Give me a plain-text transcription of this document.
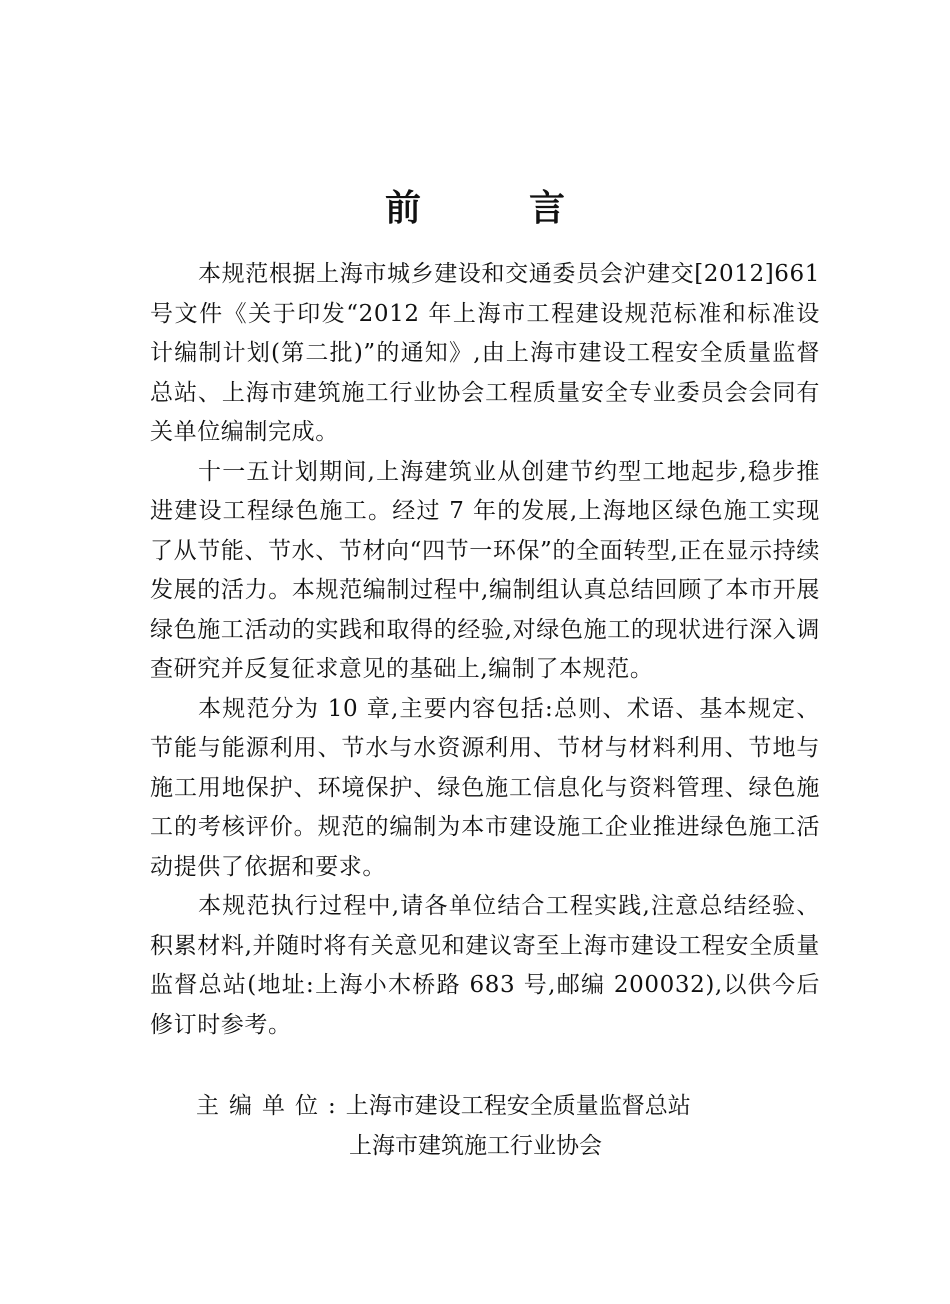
前　言

本规范根据上海市城乡建设和交通委员会沪建交[2012]661号文件《关于印发“2012 年上海市工程建设规范标准和标准设计编制计划(第二批)”的通知》,由上海市建设工程安全质量监督总站、上海市建筑施工行业协会工程质量安全专业委员会会同有关单位编制完成。

十一五计划期间,上海建筑业从创建节约型工地起步,稳步推进建设工程绿色施工。经过 7 年的发展,上海地区绿色施工实现了从节能、节水、节材向“四节一环保”的全面转型,正在显示持续发展的活力。本规范编制过程中,编制组认真总结回顾了本市开展绿色施工活动的实践和取得的经验,对绿色施工的现状进行深入调查研究并反复征求意见的基础上,编制了本规范。

本规范分为 10 章,主要内容包括:总则、术语、基本规定、节能与能源利用、节水与水资源利用、节材与材料利用、节地与施工用地保护、环境保护、绿色施工信息化与资料管理、绿色施工的考核评价。规范的编制为本市建设施工企业推进绿色施工活动提供了依据和要求。

本规范执行过程中,请各单位结合工程实践,注意总结经验、积累材料,并随时将有关意见和建议寄至上海市建设工程安全质量监督总站(地址:上海小木桥路 683 号,邮编 200032),以供今后修订时参考。

主编单位:上海市建设工程安全质量监督总站
上海市建筑施工行业协会
